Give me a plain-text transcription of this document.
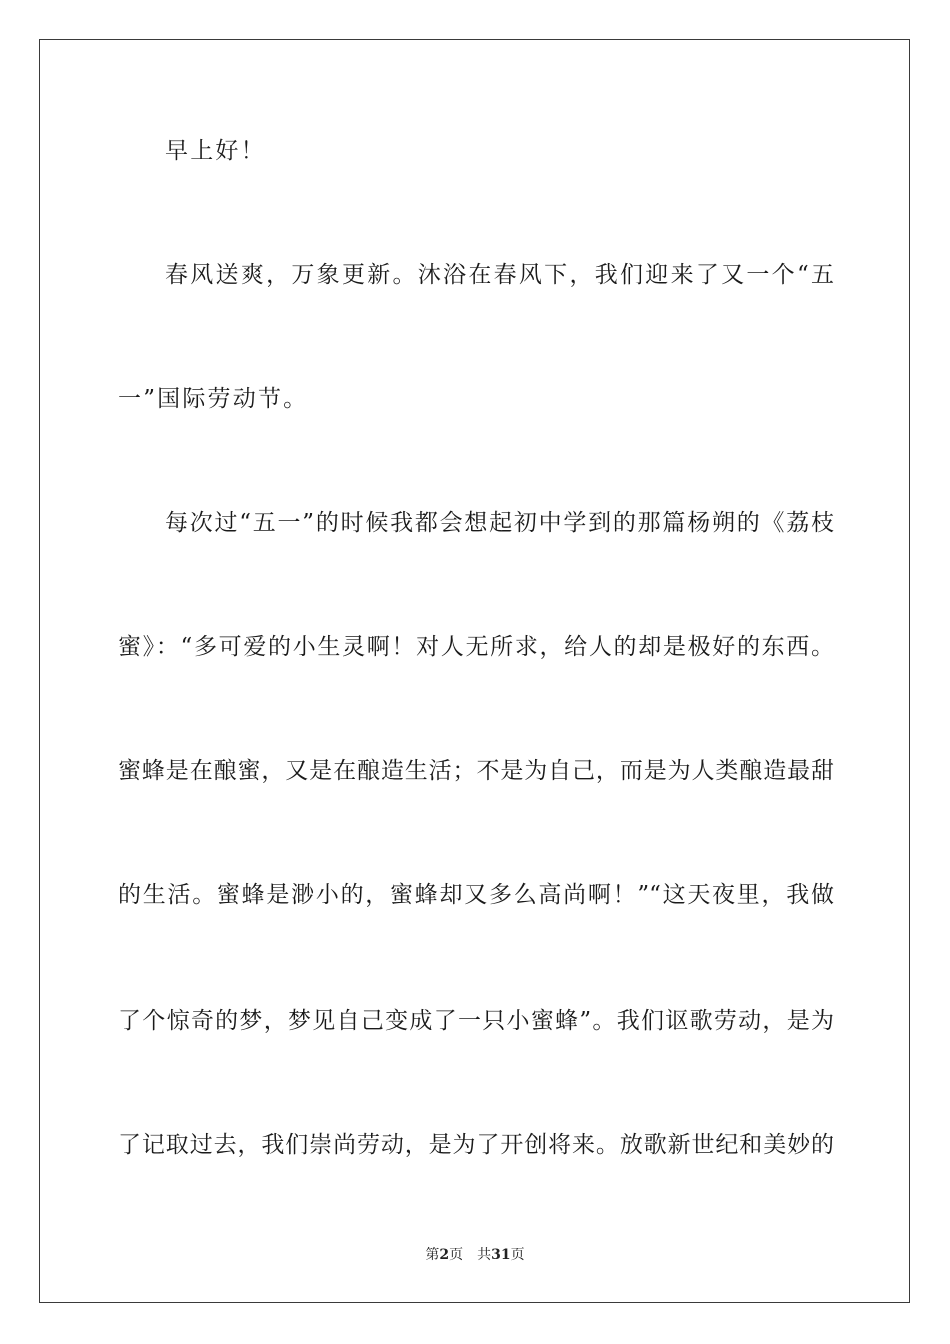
早上好！
春风送爽，万象更新。沐浴在春风下，我们迎来了又一个“五
一”国际劳动节。
每次过“五一”的时候我都会想起初中学到的那篇杨朔的《荔枝
蜜》：“多可爱的小生灵啊！对人无所求，给人的却是极好的东西。
蜜蜂是在酿蜜，又是在酿造生活；不是为自己，而是为人类酿造最甜
的生活。蜜蜂是渺小的，蜜蜂却又多么高尚啊！”“这天夜里，我做
了个惊奇的梦，梦见自己变成了一只小蜜蜂”。我们讴歌劳动，是为
了记取过去，我们崇尚劳动，是为了开创将来。放歌新世纪和美妙的
第2页 共31页
